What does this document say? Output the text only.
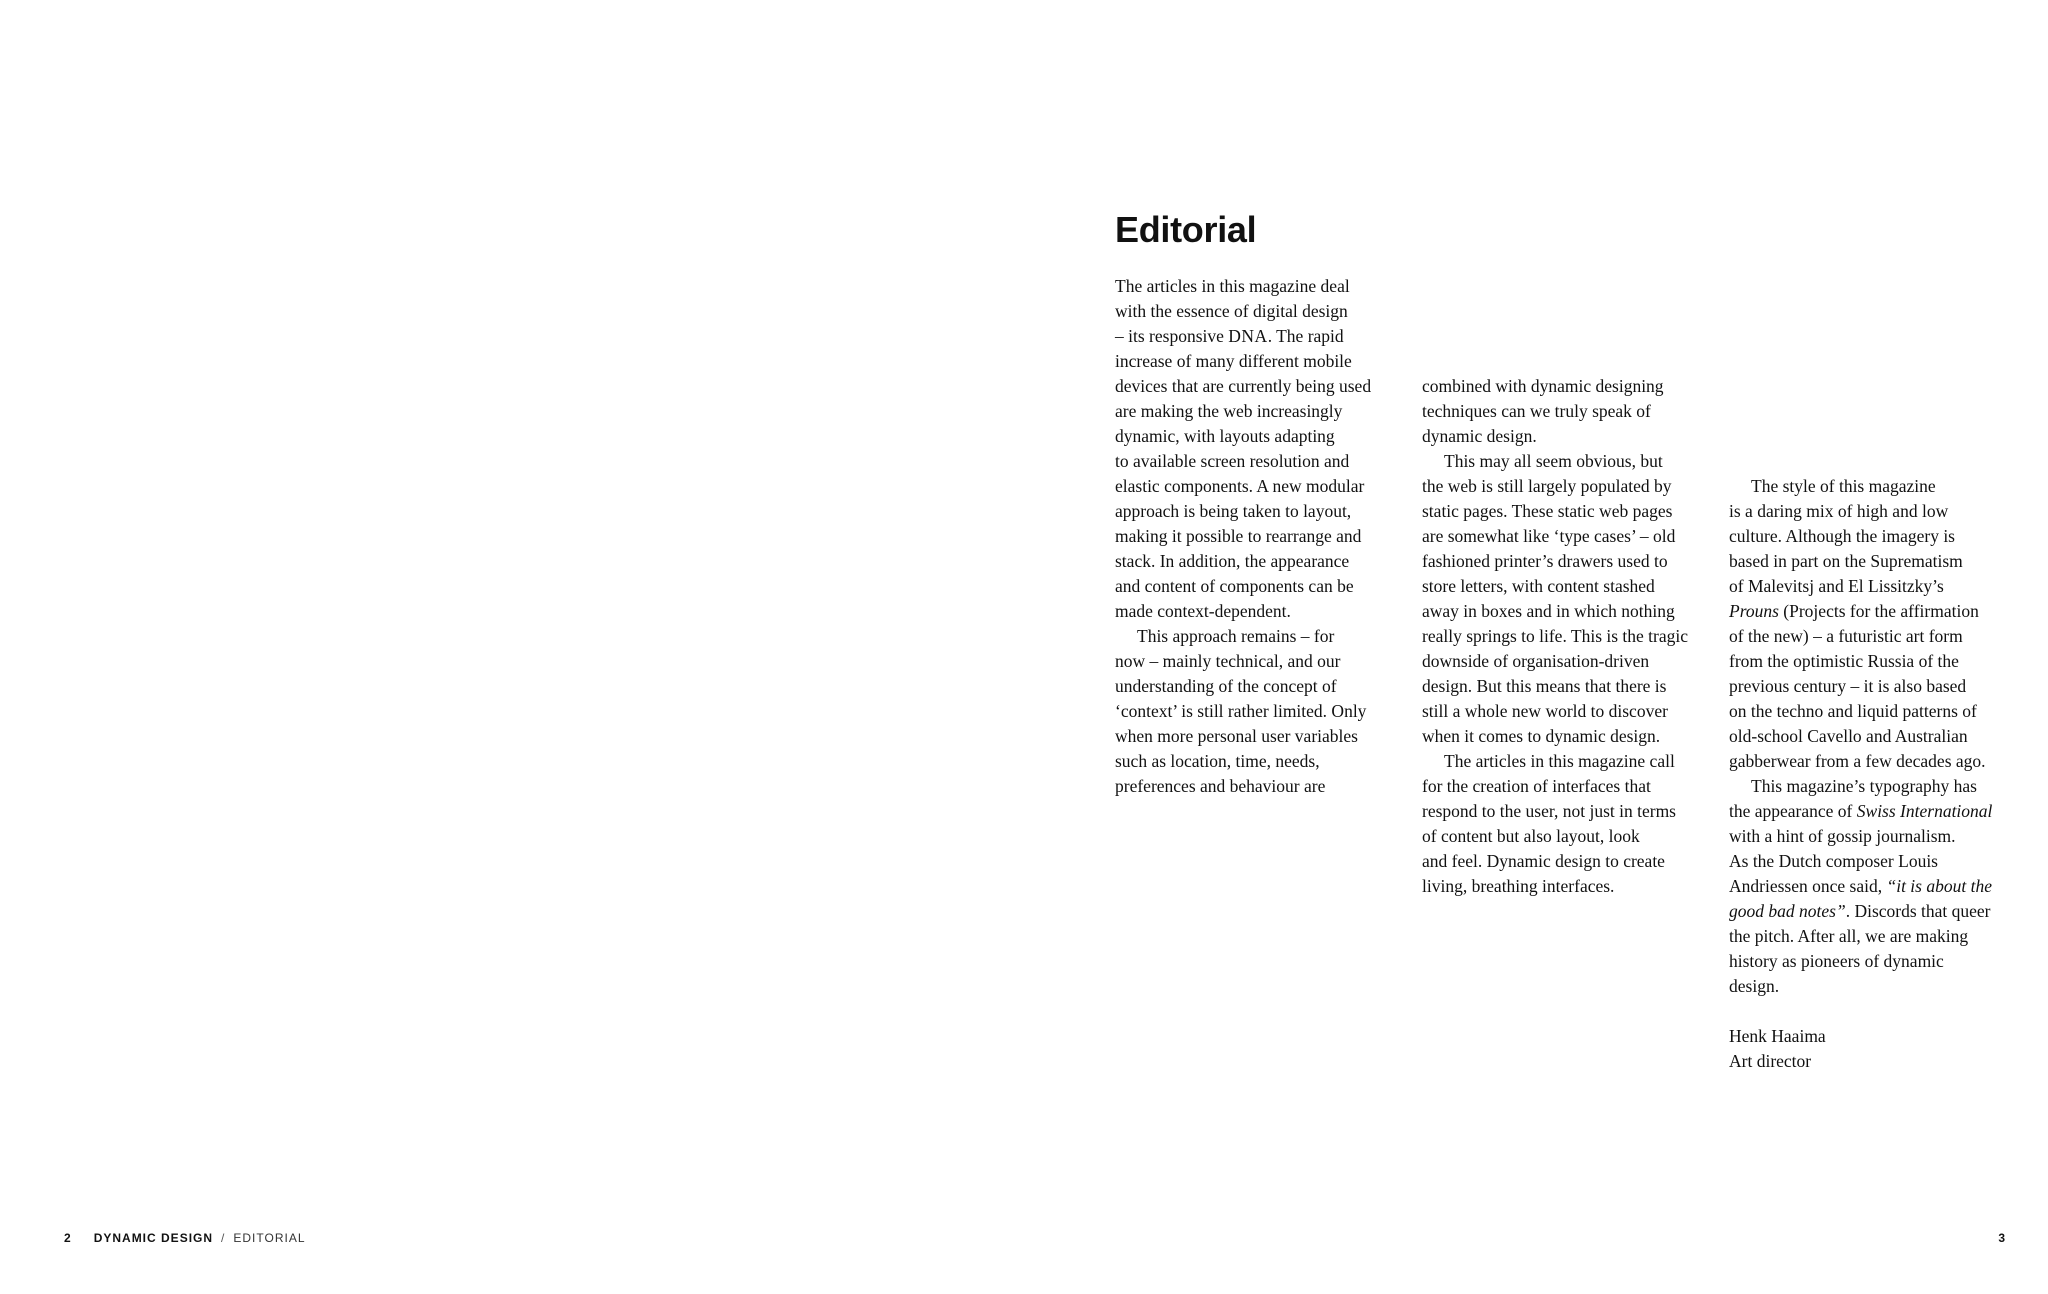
Editorial
The articles in this magazine deal
with the essence of digital design
– its responsive DNA. The rapid
increase of many different mobile
devices that are currently being used
are making the web increasingly
dynamic, with layouts adapting
to available screen resolution and
elastic components. A new modular
approach is being taken to layout,
making it possible to rearrange and
stack. In addition, the appearance
and content of components can be
made context-dependent.
This approach remains – for
now – mainly technical, and our
understanding of the concept of
‘context’ is still rather limited. Only
when more personal user variables
such as location, time, needs,
preferences and behaviour are
combined with dynamic designing
techniques can we truly speak of
dynamic design.
This may all seem obvious, but
the web is still largely populated by
static pages. These static web pages
are somewhat like ‘type cases’ – old
fashioned printer’s drawers used to
store letters, with content stashed
away in boxes and in which nothing
really springs to life. This is the tragic
downside of organisation-driven
design. But this means that there is
still a whole new world to discover
when it comes to dynamic design.
The articles in this magazine call
for the creation of interfaces that
respond to the user, not just in terms
of content but also layout, look
and feel. Dynamic design to create
living, breathing interfaces.
The style of this magazine
is a daring mix of high and low
culture. Although the imagery is
based in part on the Suprematism
of Malevitsj and El Lissitzky’s
Prouns (Projects for the affirmation
of the new) – a futuristic art form
from the optimistic Russia of the
previous century – it is also based
on the techno and liquid patterns of
old-school Cavello and Australian
gabberwear from a few decades ago.
This magazine’s typography has
the appearance of Swiss International
with a hint of gossip journalism.
As the Dutch composer Louis
Andriessen once said, “it is about the
good bad notes”. Discords that queer
the pitch. After all, we are making
history as pioneers of dynamic
design.
Henk Haaima
Art director
2 DYNAMIC DESIGN / EDITORIAL	3
